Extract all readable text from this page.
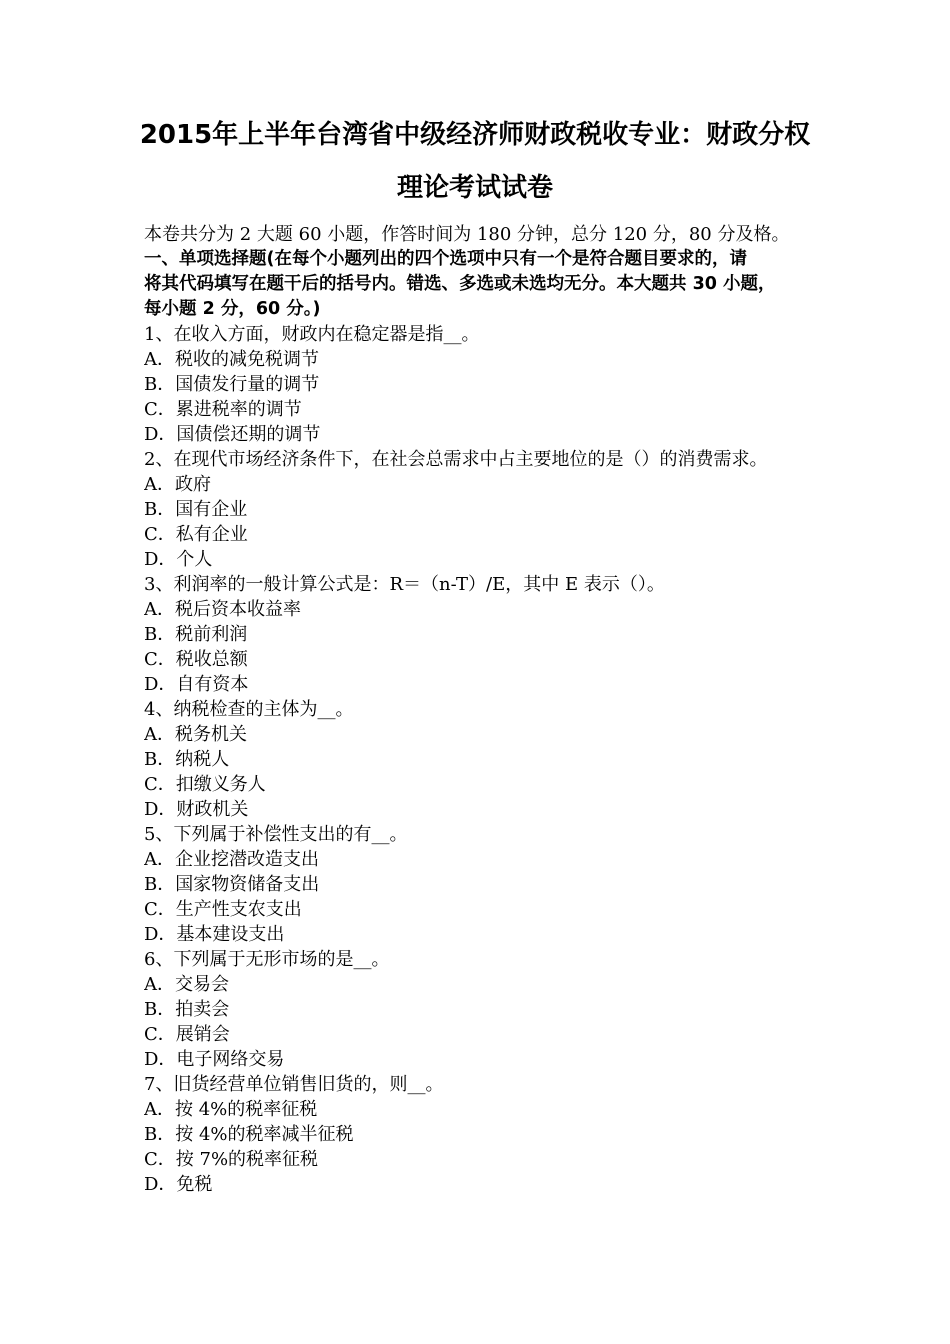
2015年上半年台湾省中级经济师财政税收专业：财政分权
理论考试试卷
本卷共分为 2 大题 60 小题，作答时间为 180 分钟，总分 120 分，80 分及格。
一、单项选择题(在每个小题列出的四个选项中只有一个是符合题目要求的，请
将其代码填写在题干后的括号内。错选、多选或未选均无分。本大题共 30 小题，
每小题 2 分，60 分。)
1、在收入方面，财政内在稳定器是指__。
A．税收的减免税调节
B．国债发行量的调节
C．累进税率的调节
D．国债偿还期的调节
2、在现代市场经济条件下，在社会总需求中占主要地位的是（）的消费需求。
A．政府
B．国有企业
C．私有企业
D．个人
3、利润率的一般计算公式是：R＝（n-T）/E，其中 E 表示（）。
A．税后资本收益率
B．税前利润
C．税收总额
D．自有资本
4、纳税检查的主体为__。
A．税务机关
B．纳税人
C．扣缴义务人
D．财政机关
5、下列属于补偿性支出的有__。
A．企业挖潜改造支出
B．国家物资储备支出
C．生产性支农支出
D．基本建设支出
6、下列属于无形市场的是__。
A．交易会
B．拍卖会
C．展销会
D．电子网络交易
7、旧货经营单位销售旧货的，则__。
A．按 4%的税率征税
B．按 4%的税率减半征税
C．按 7%的税率征税
D．免税
